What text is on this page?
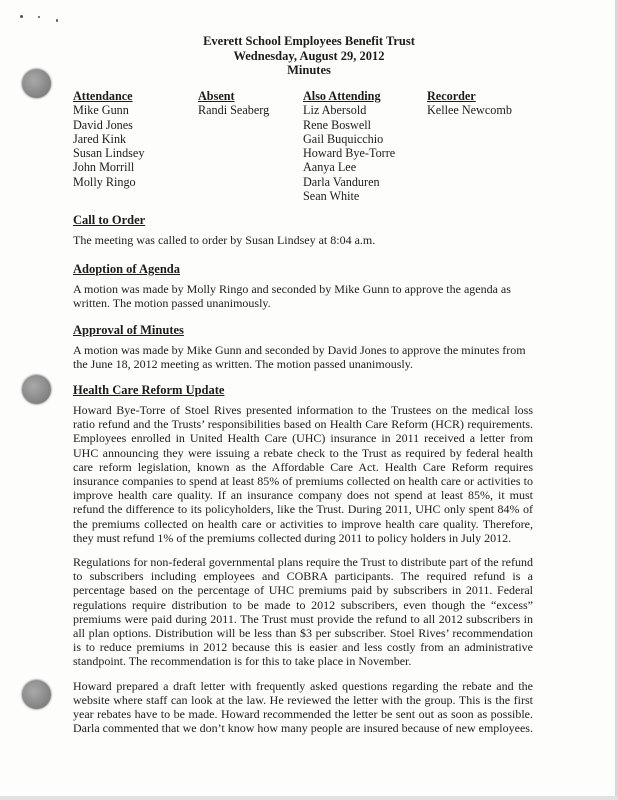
Everett School Employees Benefit Trust
Wednesday, August 29, 2012
Minutes
Attendance
Mike Gunn
David Jones
Jared Kink
Susan Lindsey
John Morrill
Molly Ringo
Absent
Randi Seaberg
Also Attending
Liz Abersold
Rene Boswell
Gail Buquicchio
Howard Bye-Torre
Aanya Lee
Darla Vanduren
Sean White
Recorder
Kellee Newcomb
Call to Order
The meeting was called to order by Susan Lindsey at 8:04 a.m.
Adoption of Agenda
A motion was made by Molly Ringo and seconded by Mike Gunn to approve the agenda as written. The motion passed unanimously.
Approval of Minutes
A motion was made by Mike Gunn and seconded by David Jones to approve the minutes from the June 18, 2012 meeting as written. The motion passed unanimously.
Health Care Reform Update
Howard Bye-Torre of Stoel Rives presented information to the Trustees on the medical loss ratio refund and the Trusts’ responsibilities based on Health Care Reform (HCR) requirements. Employees enrolled in United Health Care (UHC) insurance in 2011 received a letter from UHC announcing they were issuing a rebate check to the Trust as required by federal health care reform legislation, known as the Affordable Care Act. Health Care Reform requires insurance companies to spend at least 85% of premiums collected on health care or activities to improve health care quality. If an insurance company does not spend at least 85%, it must refund the difference to its policyholders, like the Trust. During 2011, UHC only spent 84% of the premiums collected on health care or activities to improve health care quality. Therefore, they must refund 1% of the premiums collected during 2011 to policy holders in July 2012.
Regulations for non-federal governmental plans require the Trust to distribute part of the refund to subscribers including employees and COBRA participants. The required refund is a percentage based on the percentage of UHC premiums paid by subscribers in 2011. Federal regulations require distribution to be made to 2012 subscribers, even though the “excess” premiums were paid during 2011. The Trust must provide the refund to all 2012 subscribers in all plan options. Distribution will be less than $3 per subscriber. Stoel Rives’ recommendation is to reduce premiums in 2012 because this is easier and less costly from an administrative standpoint. The recommendation is for this to take place in November.
Howard prepared a draft letter with frequently asked questions regarding the rebate and the website where staff can look at the law. He reviewed the letter with the group. This is the first year rebates have to be made. Howard recommended the letter be sent out as soon as possible. Darla commented that we don’t know how many people are insured because of new employees.
